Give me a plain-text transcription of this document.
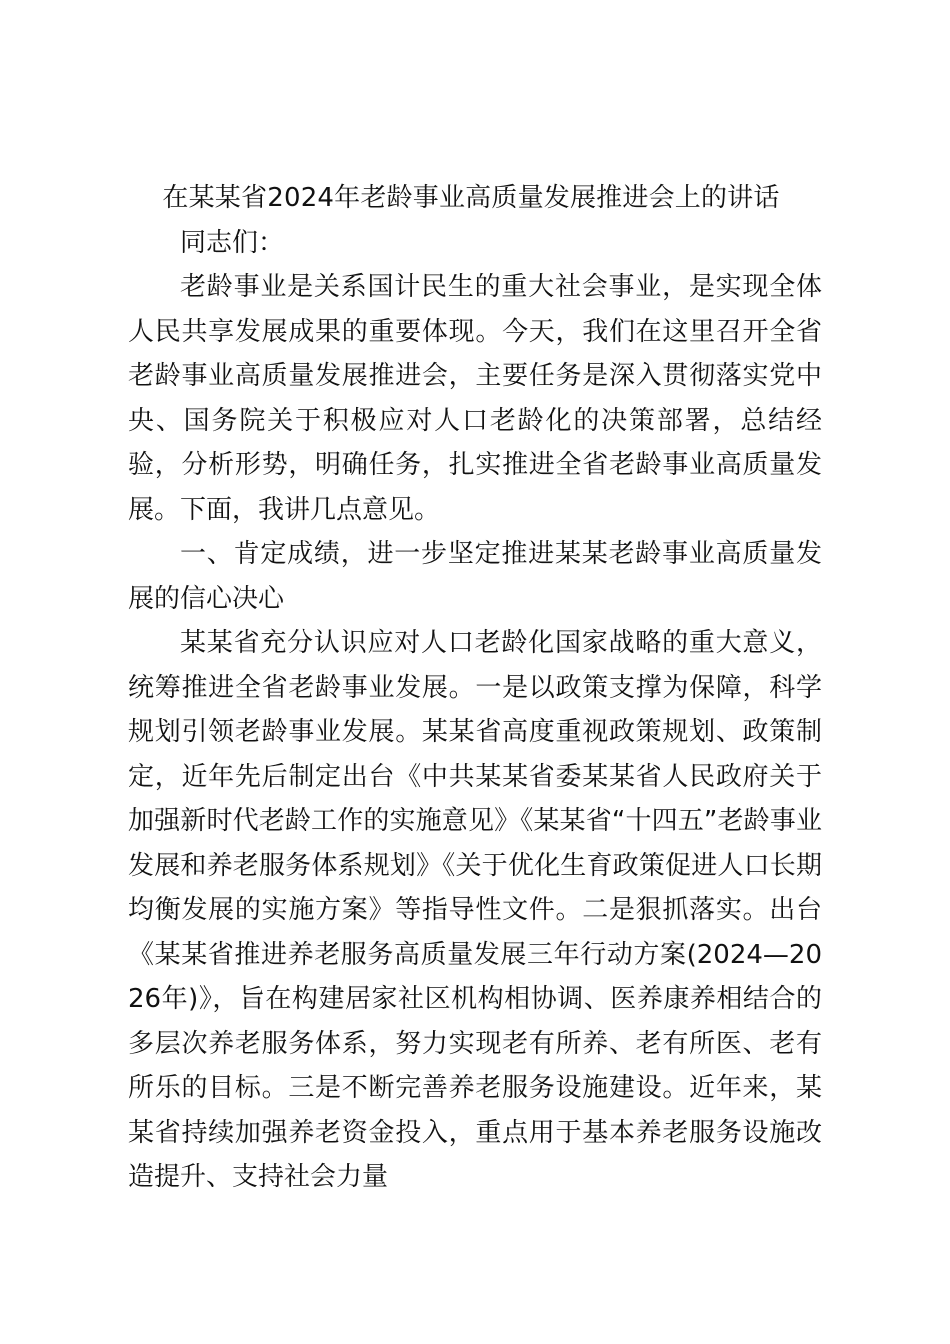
在某某省2024年老龄事业高质量发展推进会上的讲话

同志们：

老龄事业是关系国计民生的重大社会事业，是实现全体人民共享发展成果的重要体现。今天，我们在这里召开全省老龄事业高质量发展推进会，主要任务是深入贯彻落实党中央、国务院关于积极应对人口老龄化的决策部署，总结经验，分析形势，明确任务，扎实推进全省老龄事业高质量发展。下面，我讲几点意见。

一、肯定成绩，进一步坚定推进某某老龄事业高质量发展的信心决心

某某省充分认识应对人口老龄化国家战略的重大意义，统筹推进全省老龄事业发展。一是以政策支撑为保障，科学规划引领老龄事业发展。某某省高度重视政策规划、政策制定，近年先后制定出台《中共某某省委某某省人民政府关于加强新时代老龄工作的实施意见》《某某省“十四五”老龄事业发展和养老服务体系规划》《关于优化生育政策促进人口长期均衡发展的实施方案》等指导性文件。二是狠抓落实。出台《某某省推进养老服务高质量发展三年行动方案(2024—2026年)》，旨在构建居家社区机构相协调、医养康养相结合的多层次养老服务体系，努力实现老有所养、老有所医、老有所乐的目标。三是不断完善养老服务设施建设。近年来，某某省持续加强养老资金投入，重点用于基本养老服务设施改造提升、支持社会力量
